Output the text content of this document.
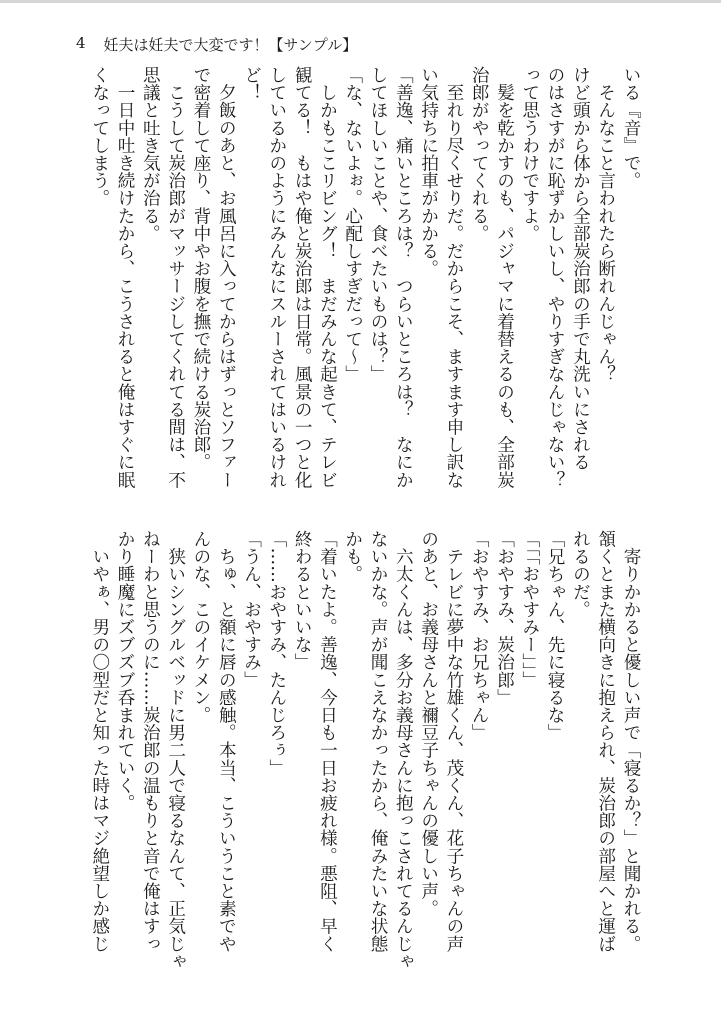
4 妊夫は妊夫で大変です！【サンプル】
いる『音』で。
　そんなこと言われたら断れんじゃん？
けど頭から体から全部炭治郎の手で丸洗いにされる
のはさすがに恥ずかしいし、やりすぎなんじゃない？
って思うわけですよ。
　髪を乾かすのも、パジャマに着替えるのも、全部炭
治郎がやってくれる。
　至れり尽くせりだ。だからこそ、ますます申し訳な
い気持ちに拍車がかかる。
「善逸、痛いところは？　つらいところは？　なにか
してほしいことや、食べたいものは？」
「な、ないよぉ。心配しすぎだって〜」
　しかもここリビング！　まだみんな起きて、テレビ
観てる！　もはや俺と炭治郎は日常。風景の一つと化
しているかのようにみんなにスルーされてはいるけれ
ど！
　夕飯のあと、お風呂に入ってからはずっとソファー
で密着して座り、背中やお腹を撫で続ける炭治郎。
　こうして炭治郎がマッサージしてくれてる間は、不
思議と吐き気が治る。
　一日中吐き続けたから、こうされると俺はすぐに眠
くなってしまう。
　寄りかかると優しい声で「寝るか？」と聞かれる。
頷くとまた横向きに抱えられ、炭治郎の部屋へと運ば
れるのだ。
「兄ちゃん、先に寝るな」
「「「おやすみー」」」
「おやすみ、炭治郎」
「おやすみ、お兄ちゃん」
　テレビに夢中な竹雄くん、茂くん、花子ちゃんの声
のあと、お義母さんと禰豆子ちゃんの優しい声。
　六太くんは、多分お義母さんに抱っこされてるんじゃ
ないかな。声が聞こえなかったから、俺みたいな状態
かも。
「着いたよ。善逸、今日も一日お疲れ様。悪阻、早く
終わるといいな」
「……おやすみ、たんじろぅ」
「うん、おやすみ」
　ちゅ、と額に唇の感触。本当、こういうこと素でや
んのな、このイケメン。
　狭いシングルベッドに男二人で寝るなんて、正気じゃ
ねーわと思うのに……炭治郎の温もりと音で俺はすっ
かり睡魔にズブズブ呑まれていく。
　いやぁ、男の〇型だと知った時はマジ絶望しか感じ
